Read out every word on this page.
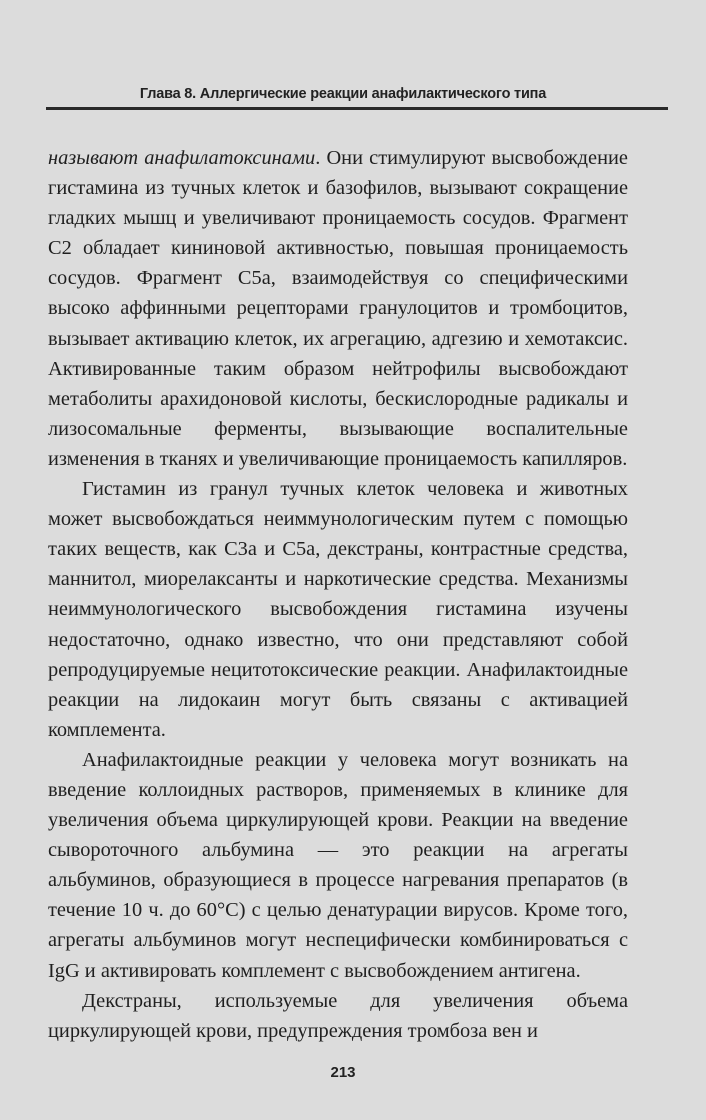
Глава 8. Аллергические реакции анафилактического типа

называют анафилатоксинами. Они стимулируют высвобождение гистамина из тучных клеток и базофилов, вызывают сокращение гладких мышц и увеличивают проницаемость сосудов. Фрагмент С2 обладает кининовой активностью, повышая проницаемость сосудов. Фрагмент С5а, взаимодействуя со специфическими высоко аффинными рецепторами гранулоцитов и тромбоцитов, вызывает активацию клеток, их агрегацию, адгезию и хемотаксис. Активированные таким образом нейтрофилы высвобождают метаболиты арахидоновой кислоты, бескислородные радикалы и лизосомальные ферменты, вызывающие воспалительные изменения в тканях и увеличивающие проницаемость капилляров.

Гистамин из гранул тучных клеток человека и животных может высвобождаться неиммунологическим путем с помощью таких веществ, как С3а и С5а, декстраны, контрастные средства, маннитол, миорелаксанты и наркотические средства. Механизмы неиммунологического высвобождения гистамина изучены недостаточно, однако известно, что они представляют собой репродуцируемые нецитотоксические реакции. Анафилактоидные реакции на лидокаин могут быть связаны с активацией комплемента.

Анафилактоидные реакции у человека могут возникать на введение коллоидных растворов, применяемых в клинике для увеличения объема циркулирующей крови. Реакции на введение сывороточного альбумина — это реакции на агрегаты альбуминов, образующиеся в процессе нагревания препаратов (в течение 10 ч. до 60°С) с целью денатурации вирусов. Кроме того, агрегаты альбуминов могут неспецифически комбинироваться с IgG и активировать комплемент с высвобождением антигена.

Декстраны, используемые для увеличения объема циркулирующей крови, предупреждения тромбоза вен и

213
